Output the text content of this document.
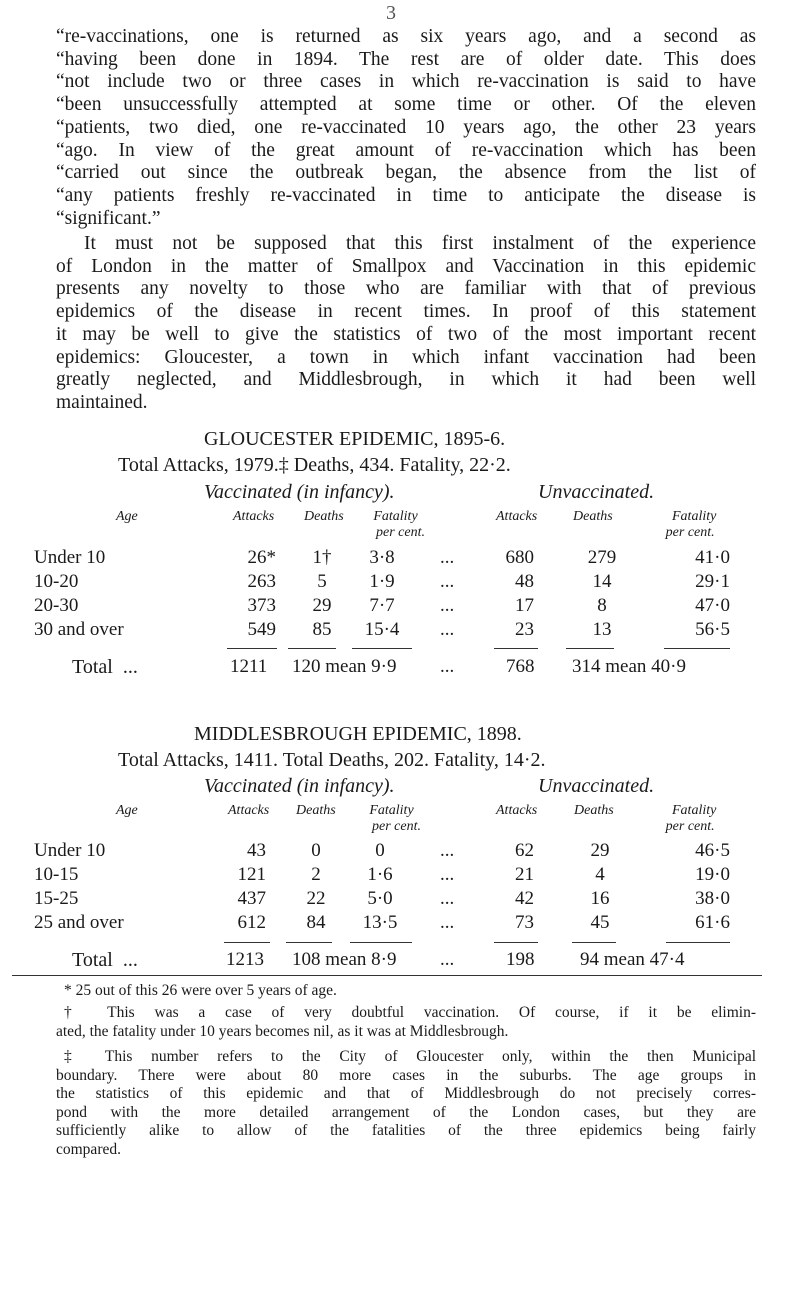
3
“re-vaccinations, one is returned as six years ago, and a second as
“having been done in 1894. The rest are of older date. This does
“not include two or three cases in which re-vaccination is said to have
“been unsuccessfully attempted at some time or other. Of the eleven
“patients, two died, one re-vaccinated 10 years ago, the other 23 years
“ago. In view of the great amount of re-vaccination which has been
“carried out since the outbreak began, the absence from the list of
“any patients freshly re-vaccinated in time to anticipate the disease is
“significant.”
It must not be supposed that this first instalment of the experience
of London in the matter of Smallpox and Vaccination in this epidemic
presents any novelty to those who are familiar with that of previous
epidemics of the disease in recent times. In proof of this statement
it may be well to give the statistics of two of the most important recent
epidemics: Gloucester, a town in which infant vaccination had been
greatly neglected, and Middlesbrough, in which it had been well
maintained.
GLOUCESTER EPIDEMIC, 1895-6.
Total Attacks, 1979.‡ Deaths, 434. Fatality, 22·2.
Vaccinated (in infancy).	Unvaccinated.
Age	Attacks Deaths	Fatality
per cent.
Attacks	Deaths	Fatality
per cent.
Under 10	26*	1†	3·8	...	680	279	41·0
10-20	263	5	1·9	...	48	14	29·1
20-30	373	29	7·7	...	17	8	47·0
30 and over	549	85	15·4 ...	23	13	56·5
Total  ...	1211 120 mean 9·9 ...	768 314 mean 40·9
MIDDLESBROUGH EPIDEMIC, 1898.
Total Attacks, 1411. Total Deaths, 202. Fatality, 14·2.
Vaccinated (in infancy).	Unvaccinated.
Age	Attacks Deaths	Fatality
per cent.
Attacks	Deaths	Fatality
per cent.
Under 10	43	0	0	...	62	29	46·5
10-15	121	2	1·6	...	21	4	19·0
15-25	437	22	5·0	...	42	16	38·0
25 and over	612	84	13·5 ...	73	45	61·6
Total  ...	1213 108 mean 8·9 ...	198 94 mean 47·4
* 25 out of this 26 were over 5 years of age.
† This was a case of very doubtful vaccination. Of course, if it be elimin-
ated, the fatality under 10 years becomes nil, as it was at Middlesbrough.
‡ This number refers to the City of Gloucester only, within the then Municipal
boundary. There were about 80 more cases in the suburbs. The age groups in
the statistics of this epidemic and that of Middlesbrough do not precisely corres-
pond with the more detailed arrangement of the London cases, but they are
sufficiently alike to allow of the fatalities of the three epidemics being fairly
compared.
